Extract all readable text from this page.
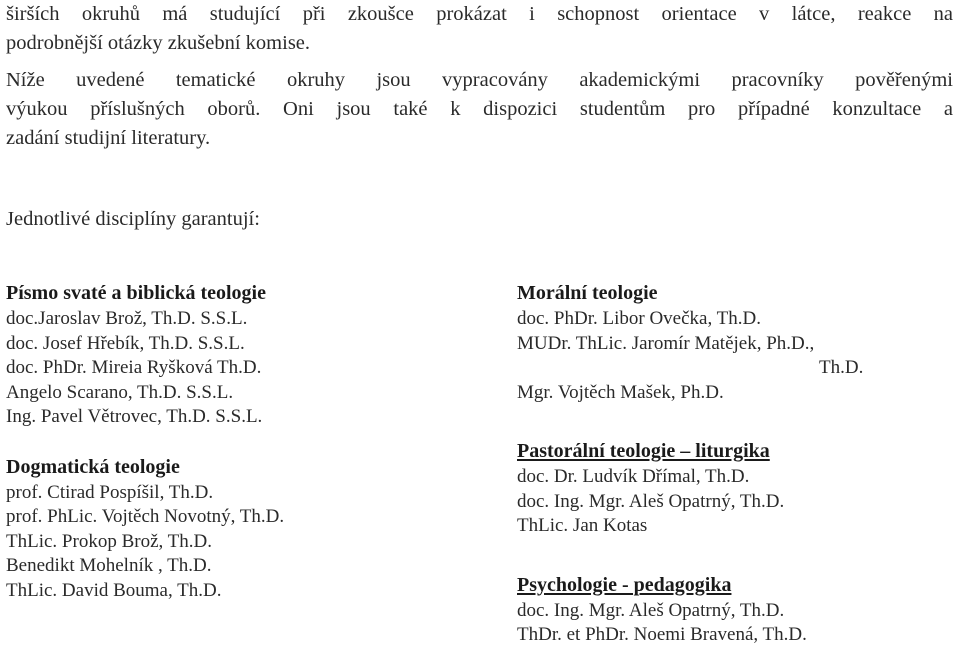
širších okruhů má studující při zkoušce prokázat i schopnost orientace v látce, reakce na
podrobnější otázky zkušební komise.

Níže uvedené tematické okruhy jsou vypracovány akademickými pracovníky pověřenými
výukou příslušných oborů. Oni jsou také k dispozici studentům pro případné konzultace a
zadání studijní literatury.

Jednotlivé disciplíny garantují:
Písmo svaté a biblická teologie
doc.Jaroslav Brož, Th.D. S.S.L.
doc. Josef Hřebík, Th.D. S.S.L.
doc. PhDr. Mireia Ryšková Th.D.
Angelo Scarano, Th.D. S.S.L.
Ing. Pavel Větrovec, Th.D. S.S.L.
Dogmatická teologie
prof. Ctirad Pospíšil, Th.D.
prof. PhLic. Vojtěch Novotný, Th.D.
ThLic. Prokop Brož, Th.D.
Benedikt Mohelník , Th.D.
ThLic. David Bouma, Th.D.
Morální teologie
doc. PhDr. Libor Ovečka, Th.D.
MUDr. ThLic. Jaromír Matějek, Ph.D.,
Th.D.
Mgr. Vojtěch Mašek, Ph.D.
Pastorální teologie – liturgika
doc. Dr. Ludvík Dřímal, Th.D.
doc. Ing. Mgr. Aleš Opatrný, Th.D.
ThLic. Jan Kotas
Psychologie - pedagogika
doc. Ing. Mgr. Aleš Opatrný, Th.D.
ThDr. et PhDr. Noemi Bravená, Th.D.
